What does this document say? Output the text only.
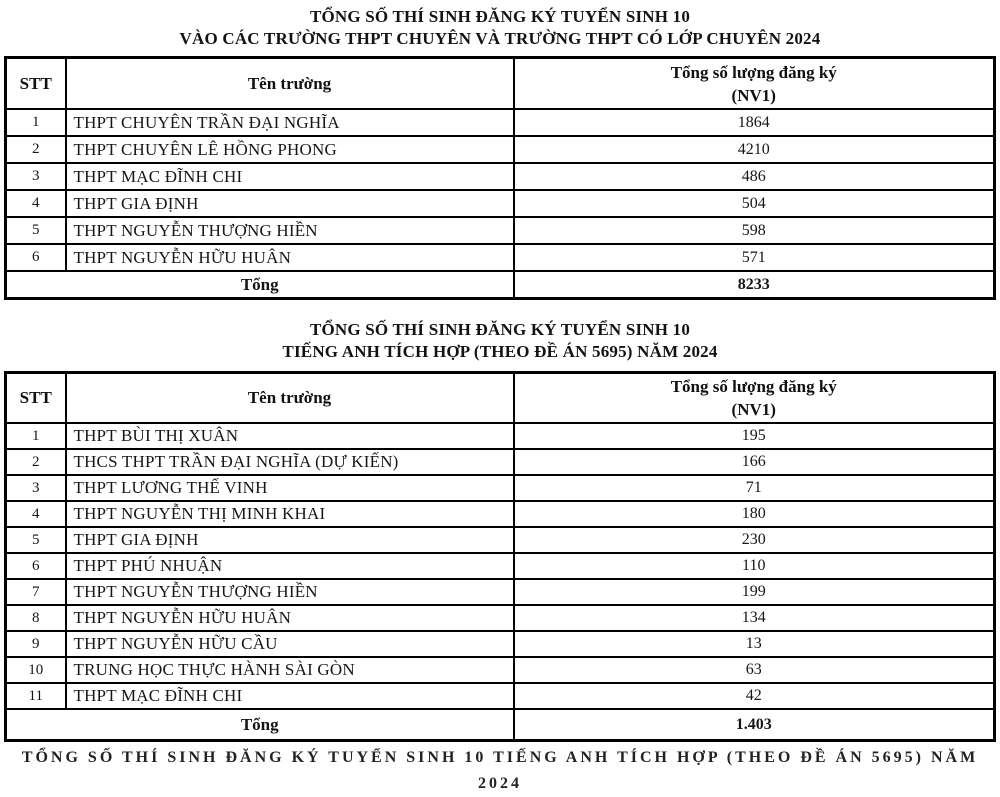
TỔNG SỐ THÍ SINH ĐĂNG KÝ TUYỂN SINH 10
VÀO CÁC TRƯỜNG THPT CHUYÊN VÀ TRƯỜNG THPT CÓ LỚP CHUYÊN 2024
STT	Tên trường	Tổng số lượng đăng ký
(NV1)

1	THPT CHUYÊN TRẦN ĐẠI NGHĨA	1864
2	THPT CHUYÊN LÊ HỒNG PHONG	4210
3	THPT MẠC ĐĨNH CHI	486
4	THPT GIA ĐỊNH	504
5	THPT NGUYỄN THƯỢNG HIỀN	598
6	THPT NGUYỄN HỮU HUÂN	571
Tổng		8233
TỔNG SỐ THÍ SINH ĐĂNG KÝ TUYỂN SINH 10
TIẾNG ANH TÍCH HỢP (THEO ĐỀ ÁN 5695) NĂM 2024
STT	Tên trường	Tổng số lượng đăng ký
(NV1)

1	THPT BÙI THỊ XUÂN	195
2	THCS THPT TRẦN ĐẠI NGHĨA (DỰ KIẾN)	166
3	THPT LƯƠNG THẾ VINH	71
4	THPT NGUYỄN THỊ MINH KHAI	180
5	THPT GIA ĐỊNH	230
6	THPT PHÚ NHUẬN	110
7	THPT NGUYỄN THƯỢNG HIỀN	199
8	THPT NGUYỄN HỮU HUÂN	134
9	THPT NGUYỄN HỮU CẦU	13
10	TRUNG HỌC THỰC HÀNH SÀI GÒN	63
11	THPT MẠC ĐĨNH CHI	42
Tổng		1.403
TỔNG SỐ THÍ SINH ĐĂNG KÝ TUYỂN SINH 10 TIẾNG ANH TÍCH HỢP (THEO ĐỀ ÁN 5695) NĂM 2024
